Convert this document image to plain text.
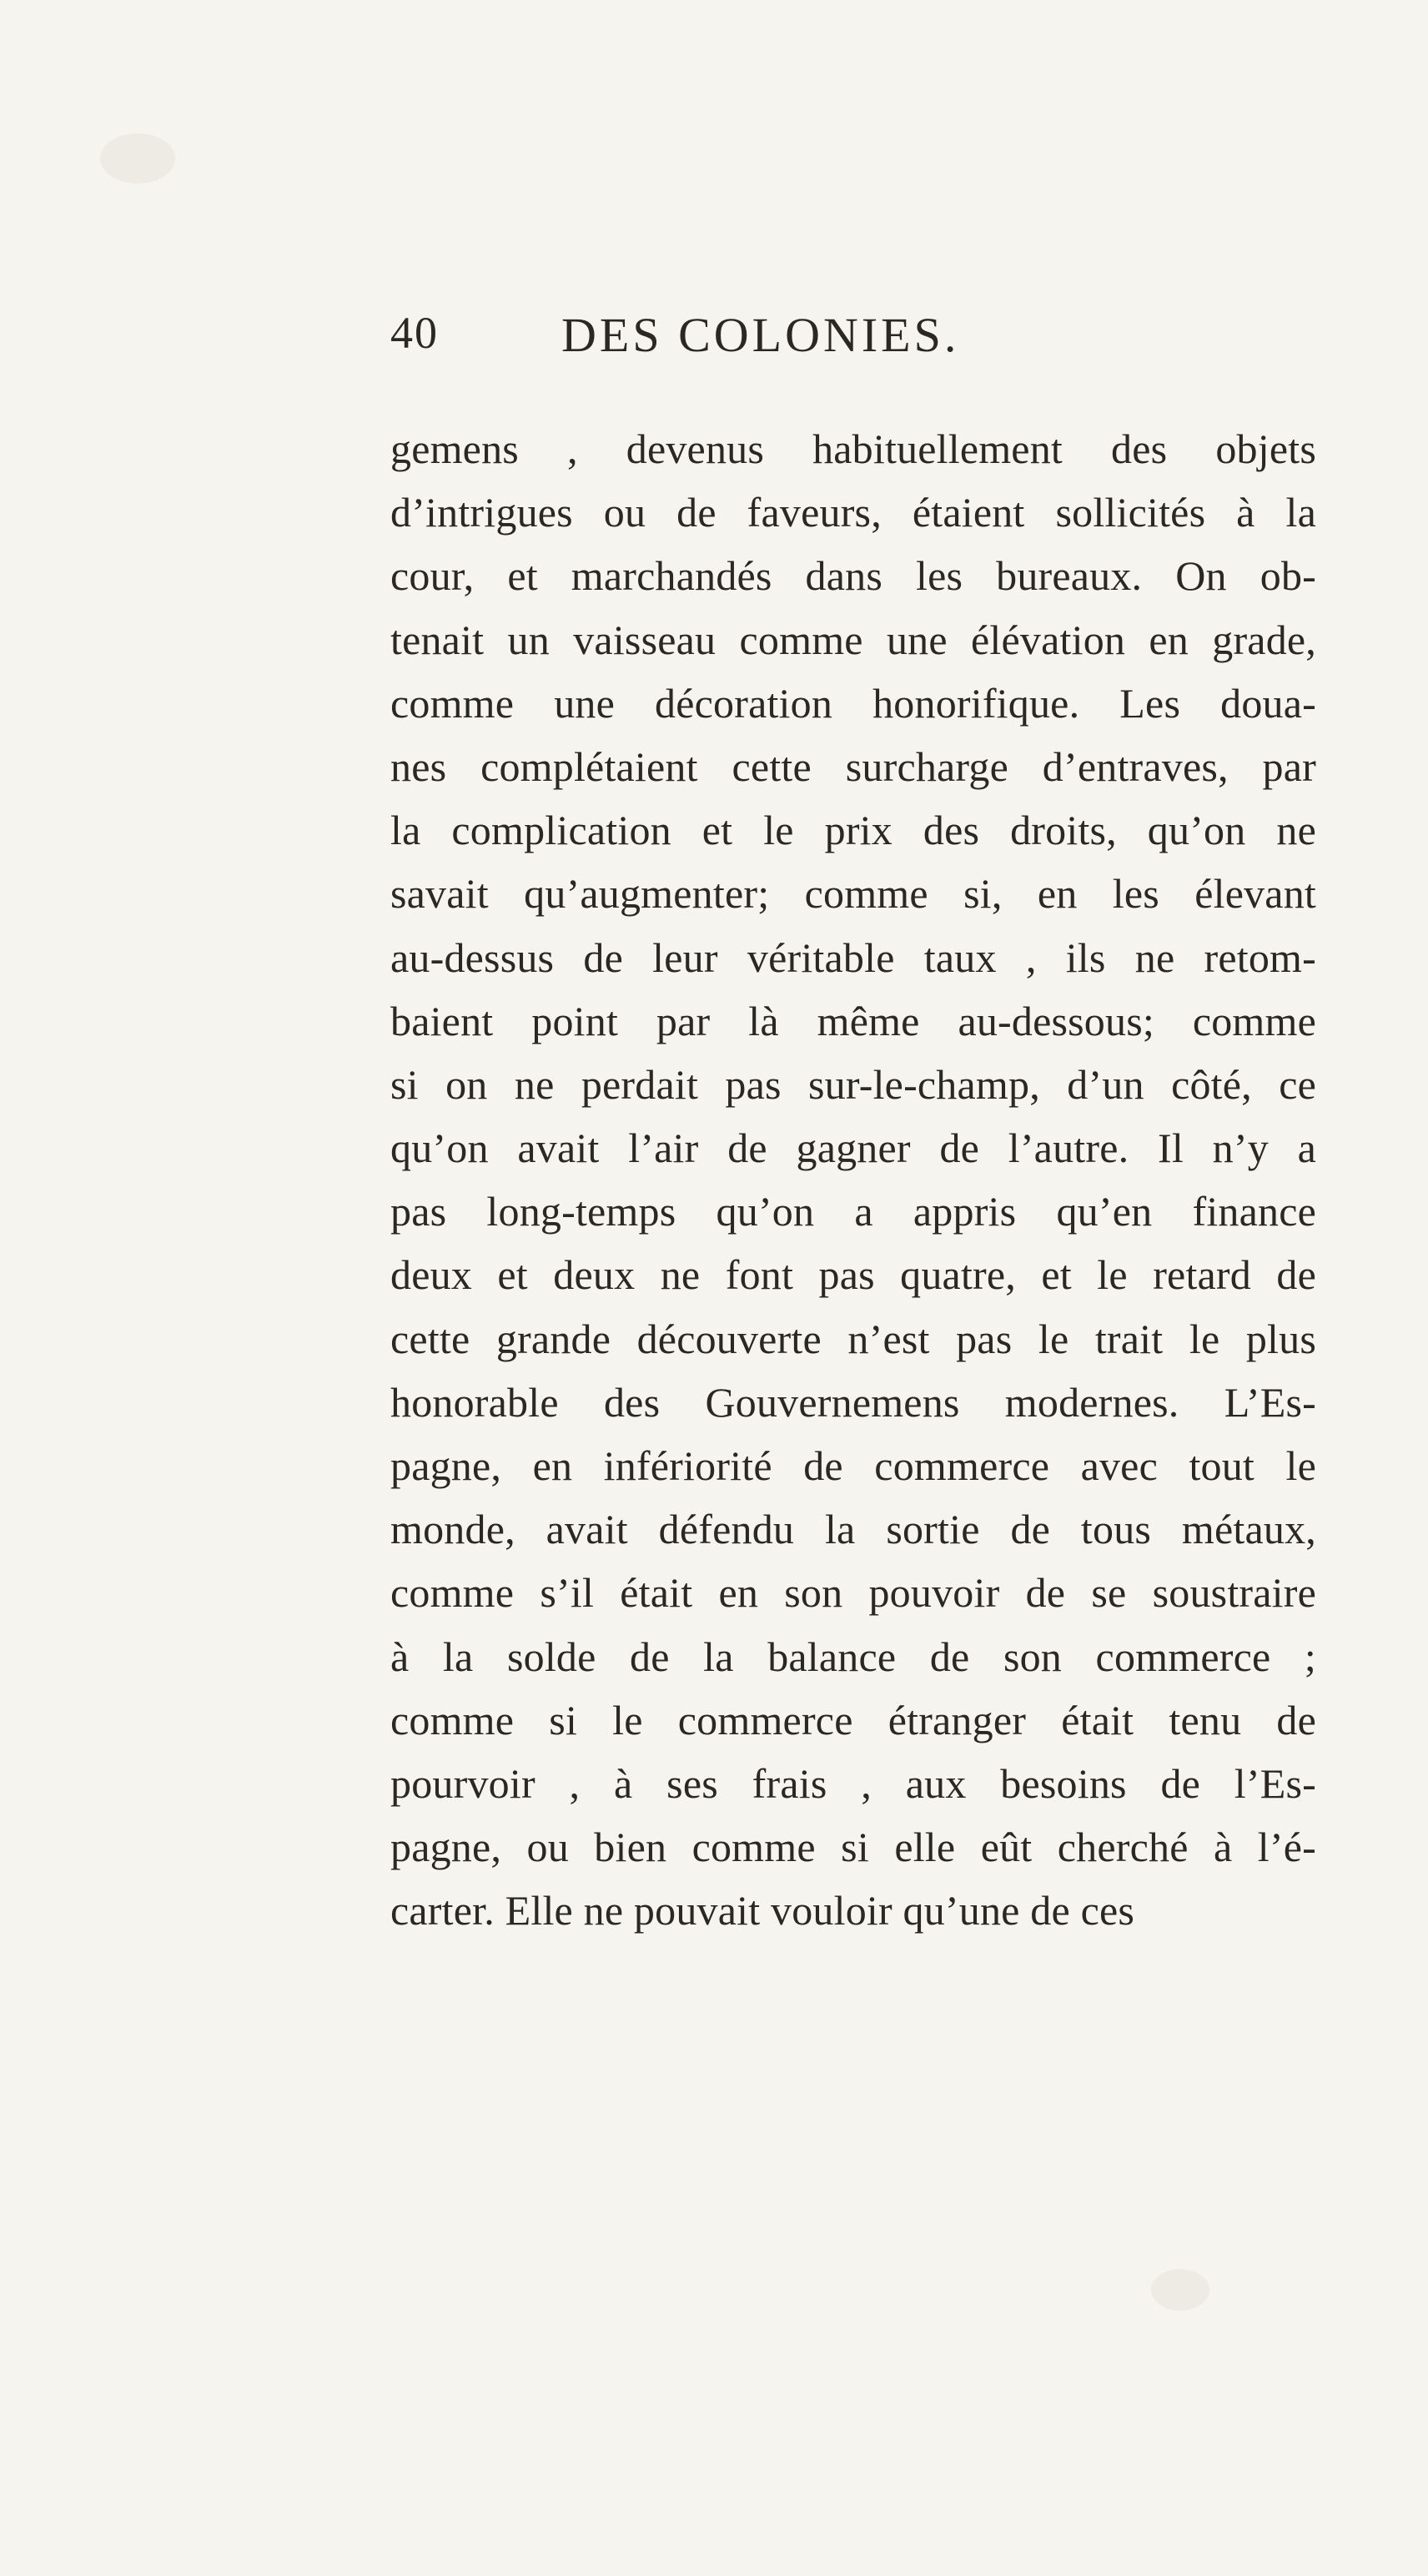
40	DES COLONIES.
gemens , devenus habituellement des objets
d’intrigues ou de faveurs, étaient sollicités à la
cour, et marchandés dans les bureaux. On ob-
tenait un vaisseau comme une élévation en grade,
comme une décoration honorifique. Les doua-
nes complétaient cette surcharge d’entraves, par
la complication et le prix des droits, qu’on ne
savait qu’augmenter; comme si, en les élevant
au-dessus de leur véritable taux , ils ne retom-
baient point par là même au-dessous; comme
si on ne perdait pas sur-le-champ, d’un côté, ce
qu’on avait l’air de gagner de l’autre. Il n’y a
pas long-temps qu’on a appris qu’en finance
deux et deux ne font pas quatre, et le retard de
cette grande découverte n’est pas le trait le plus
honorable des Gouvernemens modernes. L’Es-
pagne, en infériorité de commerce avec tout le
monde, avait défendu la sortie de tous métaux,
comme s’il était en son pouvoir de se soustraire
à la solde de la balance de son commerce ;
comme si le commerce étranger était tenu de
pourvoir , à ses frais , aux besoins de l’Es-
pagne, ou bien comme si elle eût cherché à l’é-
carter. Elle ne pouvait vouloir qu’une de ces
